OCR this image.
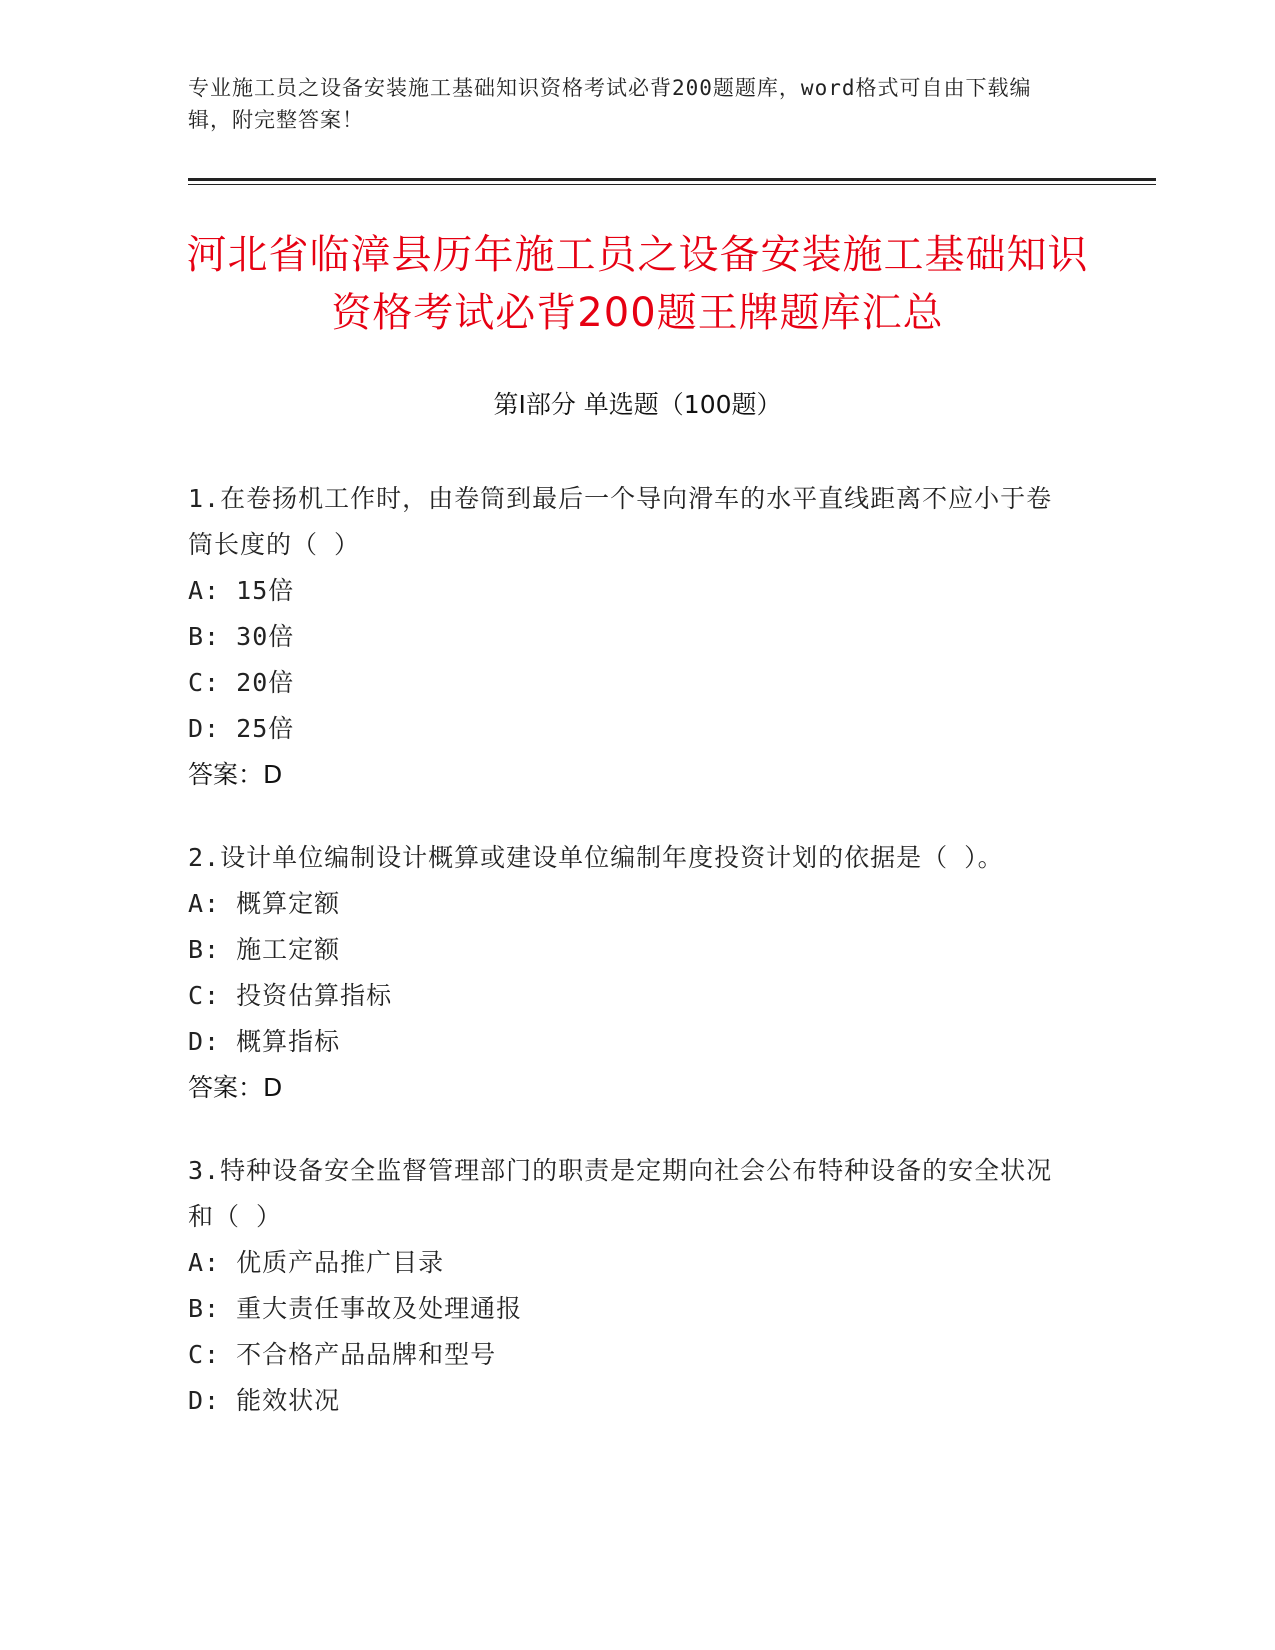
专业施工员之设备安装施工基础知识资格考试必背200题题库，word格式可自由下载编辑，附完整答案！
河北省临漳县历年施工员之设备安装施工基础知识资格考试必背200题王牌题库汇总
第Ⅰ部分 单选题（100题）
1.在卷扬机工作时，由卷筒到最后一个导向滑车的水平直线距离不应小于卷筒长度的（ ）
A: 15倍
B: 30倍
C: 20倍
D: 25倍
答案：D
2.设计单位编制设计概算或建设单位编制年度投资计划的依据是（ ）。
A: 概算定额
B: 施工定额
C: 投资估算指标
D: 概算指标
答案：D
3.特种设备安全监督管理部门的职责是定期向社会公布特种设备的安全状况和（ ）
A: 优质产品推广目录
B: 重大责任事故及处理通报
C: 不合格产品品牌和型号
D: 能效状况
